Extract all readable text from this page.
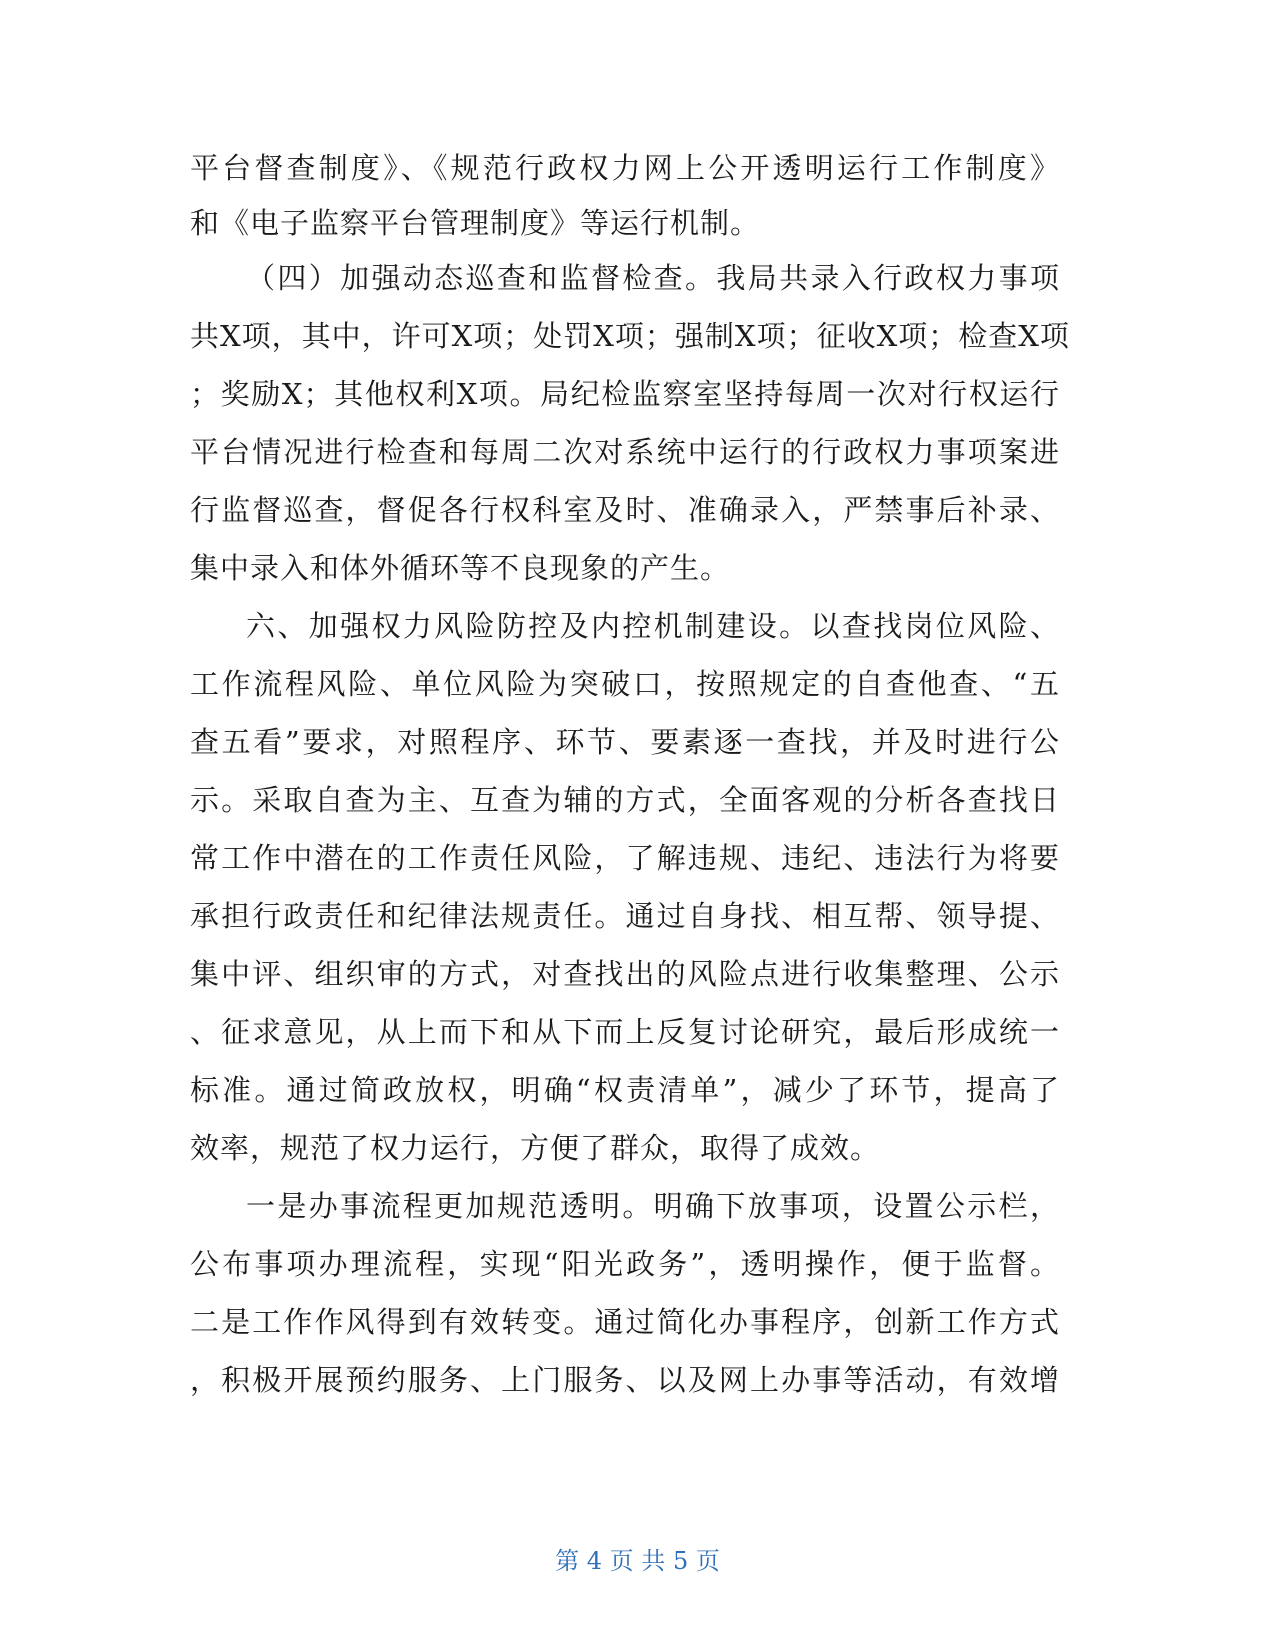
平台督查制度》、《规范行政权力网上公开透明运行工作制度》
和《电子监察平台管理制度》等运行机制。
（四）加强动态巡查和监督检查。我局共录入行政权力事项
共X项，其中，许可X项；处罚X项；强制X项；征收X项；检查X项
；奖励X；其他权利X项。局纪检监察室坚持每周一次对行权运行
平台情况进行检查和每周二次对系统中运行的行政权力事项案进
行监督巡查，督促各行权科室及时、准确录入，严禁事后补录、
集中录入和体外循环等不良现象的产生。
六、加强权力风险防控及内控机制建设。以查找岗位风险、
工作流程风险、单位风险为突破口，按照规定的自查他查、“五
查五看”要求，对照程序、环节、要素逐一查找，并及时进行公
示。采取自查为主、互查为辅的方式，全面客观的分析各查找日
常工作中潜在的工作责任风险，了解违规、违纪、违法行为将要
承担行政责任和纪律法规责任。通过自身找、相互帮、领导提、
集中评、组织审的方式，对查找出的风险点进行收集整理、公示
、征求意见，从上而下和从下而上反复讨论研究，最后形成统一
标准。通过简政放权，明确“权责清单”，减少了环节，提高了
效率，规范了权力运行，方便了群众，取得了成效。
一是办事流程更加规范透明。明确下放事项，设置公示栏，
公布事项办理流程，实现“阳光政务”，透明操作，便于监督。
二是工作作风得到有效转变。通过简化办事程序，创新工作方式
，积极开展预约服务、上门服务、以及网上办事等活动，有效增
第 4 页 共 5 页
